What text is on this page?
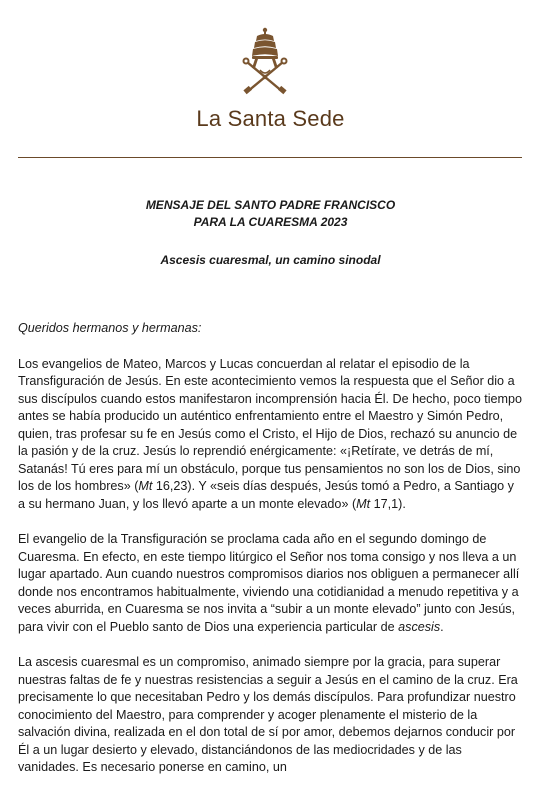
La Santa Sede
MENSAJE DEL SANTO PADRE FRANCISCO
PARA LA CUARESMA 2023
Ascesis cuaresmal, un camino sinodal

Queridos hermanos y hermanas:

Los evangelios de Mateo, Marcos y Lucas concuerdan al relatar el episodio de la Transfiguración de Jesús. En este acontecimiento vemos la respuesta que el Señor dio a sus discípulos cuando estos manifestaron incomprensión hacia Él. De hecho, poco tiempo antes se había producido un auténtico enfrentamiento entre el Maestro y Simón Pedro, quien, tras profesar su fe en Jesús como el Cristo, el Hijo de Dios, rechazó su anuncio de la pasión y de la cruz. Jesús lo reprendió enérgicamente: «¡Retírate, ve detrás de mí, Satanás! Tú eres para mí un obstáculo, porque tus pensamientos no son los de Dios, sino los de los hombres» (Mt 16,23). Y «seis días después, Jesús tomó a Pedro, a Santiago y a su hermano Juan, y los llevó aparte a un monte elevado» (Mt 17,1).

El evangelio de la Transfiguración se proclama cada año en el segundo domingo de Cuaresma. En efecto, en este tiempo litúrgico el Señor nos toma consigo y nos lleva a un lugar apartado. Aun cuando nuestros compromisos diarios nos obliguen a permanecer allí donde nos encontramos habitualmente, viviendo una cotidianidad a menudo repetitiva y a veces aburrida, en Cuaresma se nos invita a “subir a un monte elevado” junto con Jesús, para vivir con el Pueblo santo de Dios una experiencia particular de ascesis.

La ascesis cuaresmal es un compromiso, animado siempre por la gracia, para superar nuestras faltas de fe y nuestras resistencias a seguir a Jesús en el camino de la cruz. Era precisamente lo que necesitaban Pedro y los demás discípulos. Para profundizar nuestro conocimiento del Maestro, para comprender y acoger plenamente el misterio de la salvación divina, realizada en el don total de sí por amor, debemos dejarnos conducir por Él a un lugar desierto y elevado, distanciándonos de las mediocridades y de las vanidades. Es necesario ponerse en camino, un
